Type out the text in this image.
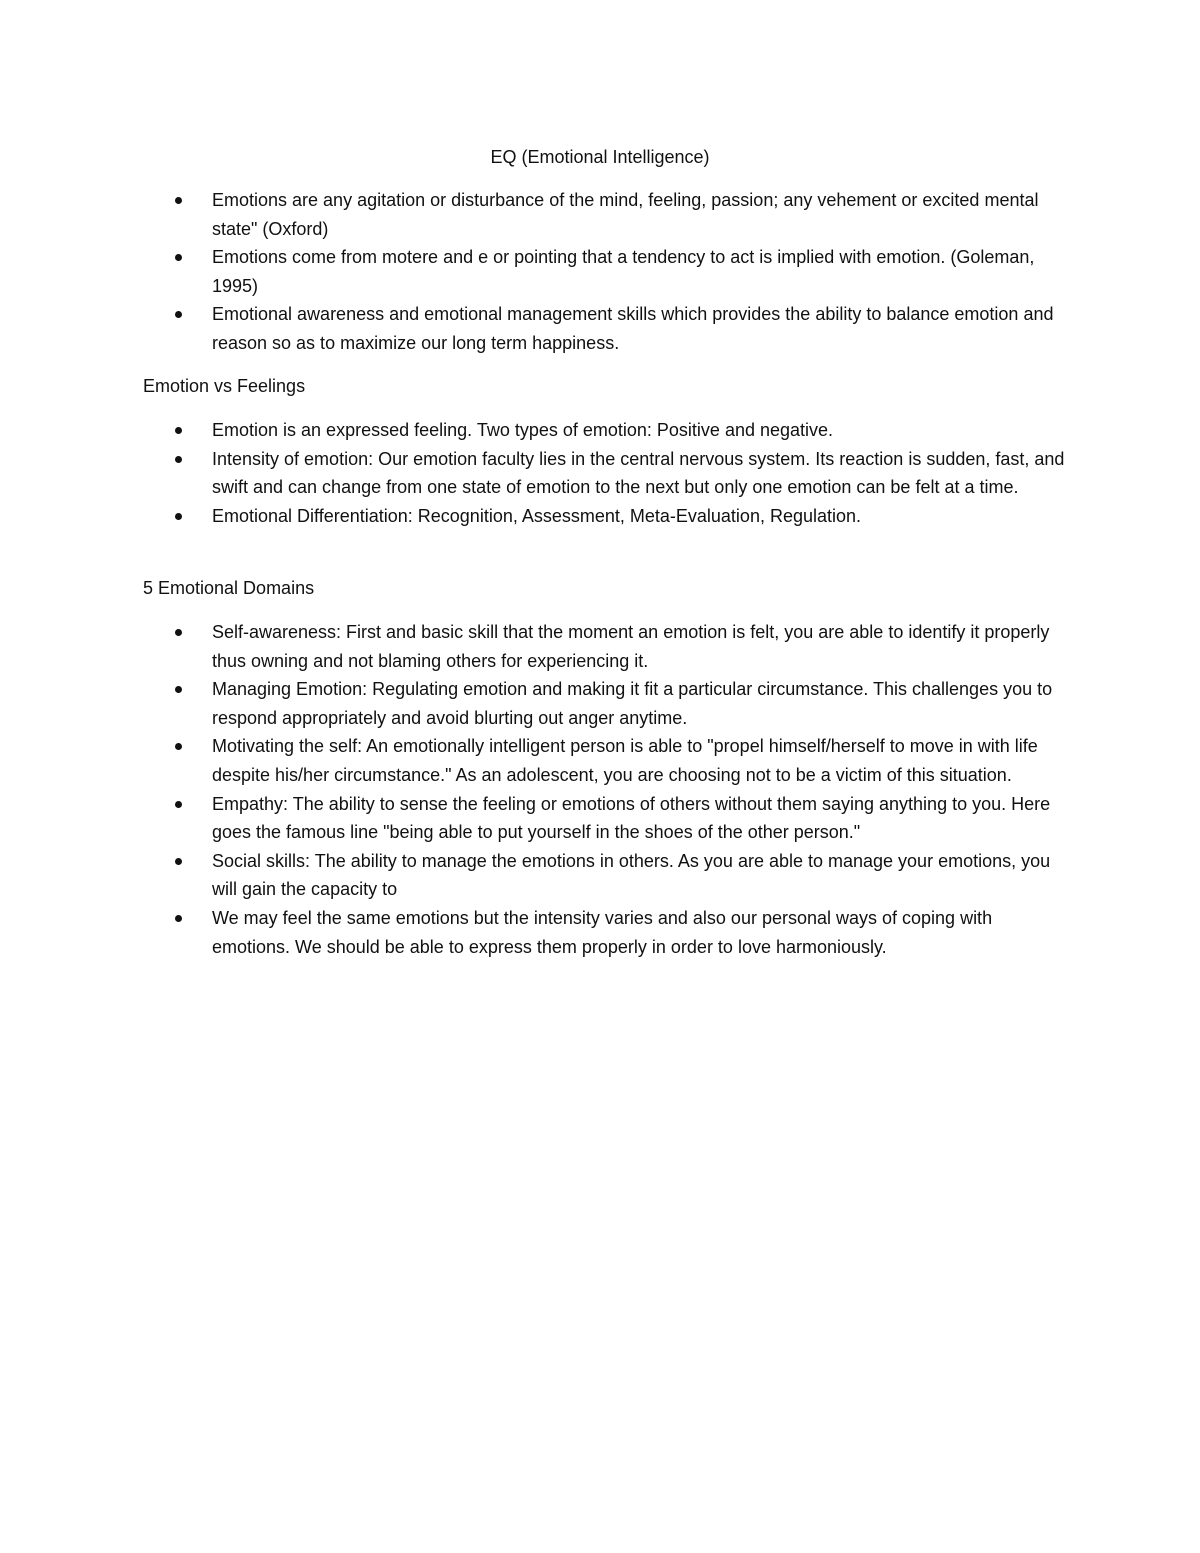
EQ (Emotional Intelligence)
Emotions are any agitation or disturbance of the mind, feeling, passion; any vehement or excited mental state" (Oxford)
Emotions come from motere and e or pointing that a tendency to act is implied with emotion. (Goleman, 1995)
Emotional awareness and emotional management skills which provides the ability to balance emotion and reason so as to maximize our long term happiness.
Emotion vs Feelings
Emotion is an expressed feeling. Two types of emotion: Positive and negative.
Intensity of emotion: Our emotion faculty lies in the central nervous system. Its reaction is sudden, fast, and swift and can change from one state of emotion to the next but only one emotion can be felt at a time.
Emotional Differentiation: Recognition, Assessment, Meta-Evaluation, Regulation.
5 Emotional Domains
Self-awareness: First and basic skill that the moment an emotion is felt, you are able to identify it properly thus owning and not blaming others for experiencing it.
Managing Emotion: Regulating emotion and making it fit a particular circumstance. This challenges you to respond appropriately and avoid blurting out anger anytime.
Motivating the self: An emotionally intelligent person is able to "propel himself/herself to move in with life despite his/her circumstance." As an adolescent, you are choosing not to be a victim of this situation.
Empathy: The ability to sense the feeling or emotions of others without them saying anything to you. Here goes the famous line "being able to put yourself in the shoes of the other person."
Social skills: The ability to manage the emotions in others. As you are able to manage your emotions, you will gain the capacity to
We may feel the same emotions but the intensity varies and also our personal ways of coping with emotions. We should be able to express them properly in order to love harmoniously.
